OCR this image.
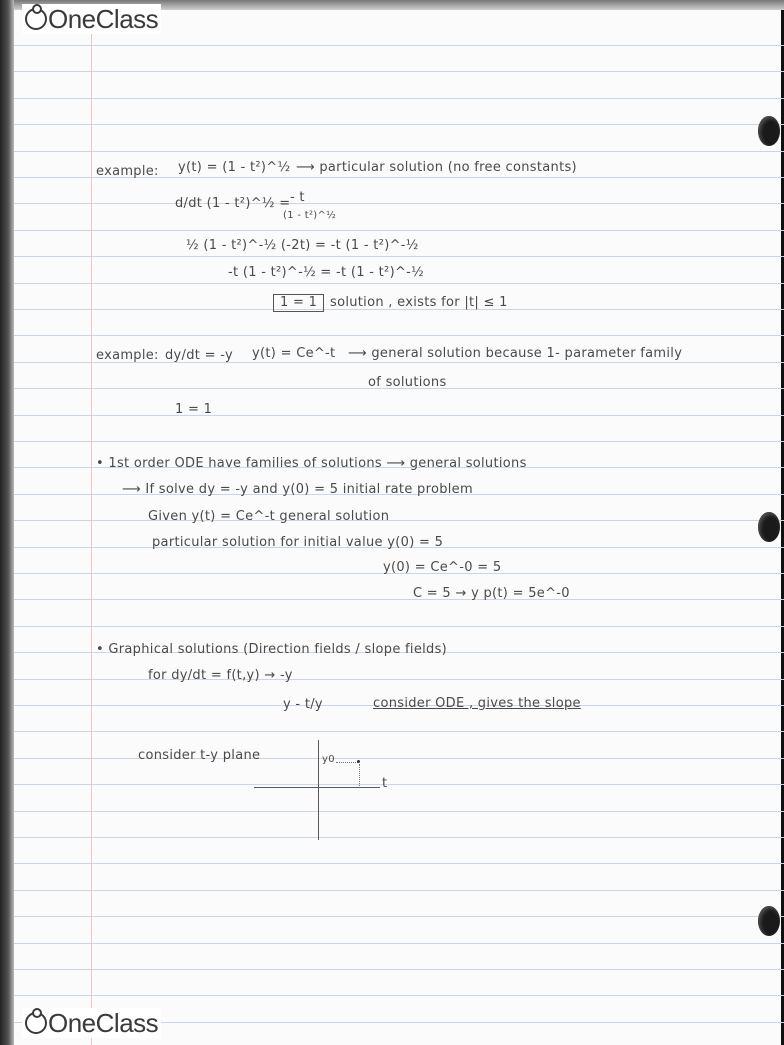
OneClass
OneClass
example: y(t) = (1 - t²)^½ ⟶ particular solution (no free constants)
d/dt (1 - t²)^½ = - t
(1 - t²)^½
½ (1 - t²)^-½ (-2t) = -t (1 - t²)^-½
-t (1 - t²)^-½ = -t (1 - t²)^-½
1 = 1 solution , exists for |t| ≤ 1
example: dy/dt = -y y(t) = Ce^-t ⟶ general solution because 1- parameter family
of solutions
1 = 1
• 1st order ODE have families of solutions ⟶ general solutions
⟶ If solve dy = -y and y(0) = 5 initial rate problem
Given y(t) = Ce^-t general solution
particular solution for initial value y(0) = 5
y(0) = Ce^-0 = 5
C = 5 → y p(t) = 5e^-0
• Graphical solutions (Direction fields / slope fields)
for dy/dt = f(t,y) → -y
y - t/y	consider ODE , gives the slope
consider t-y plane	y0
t
